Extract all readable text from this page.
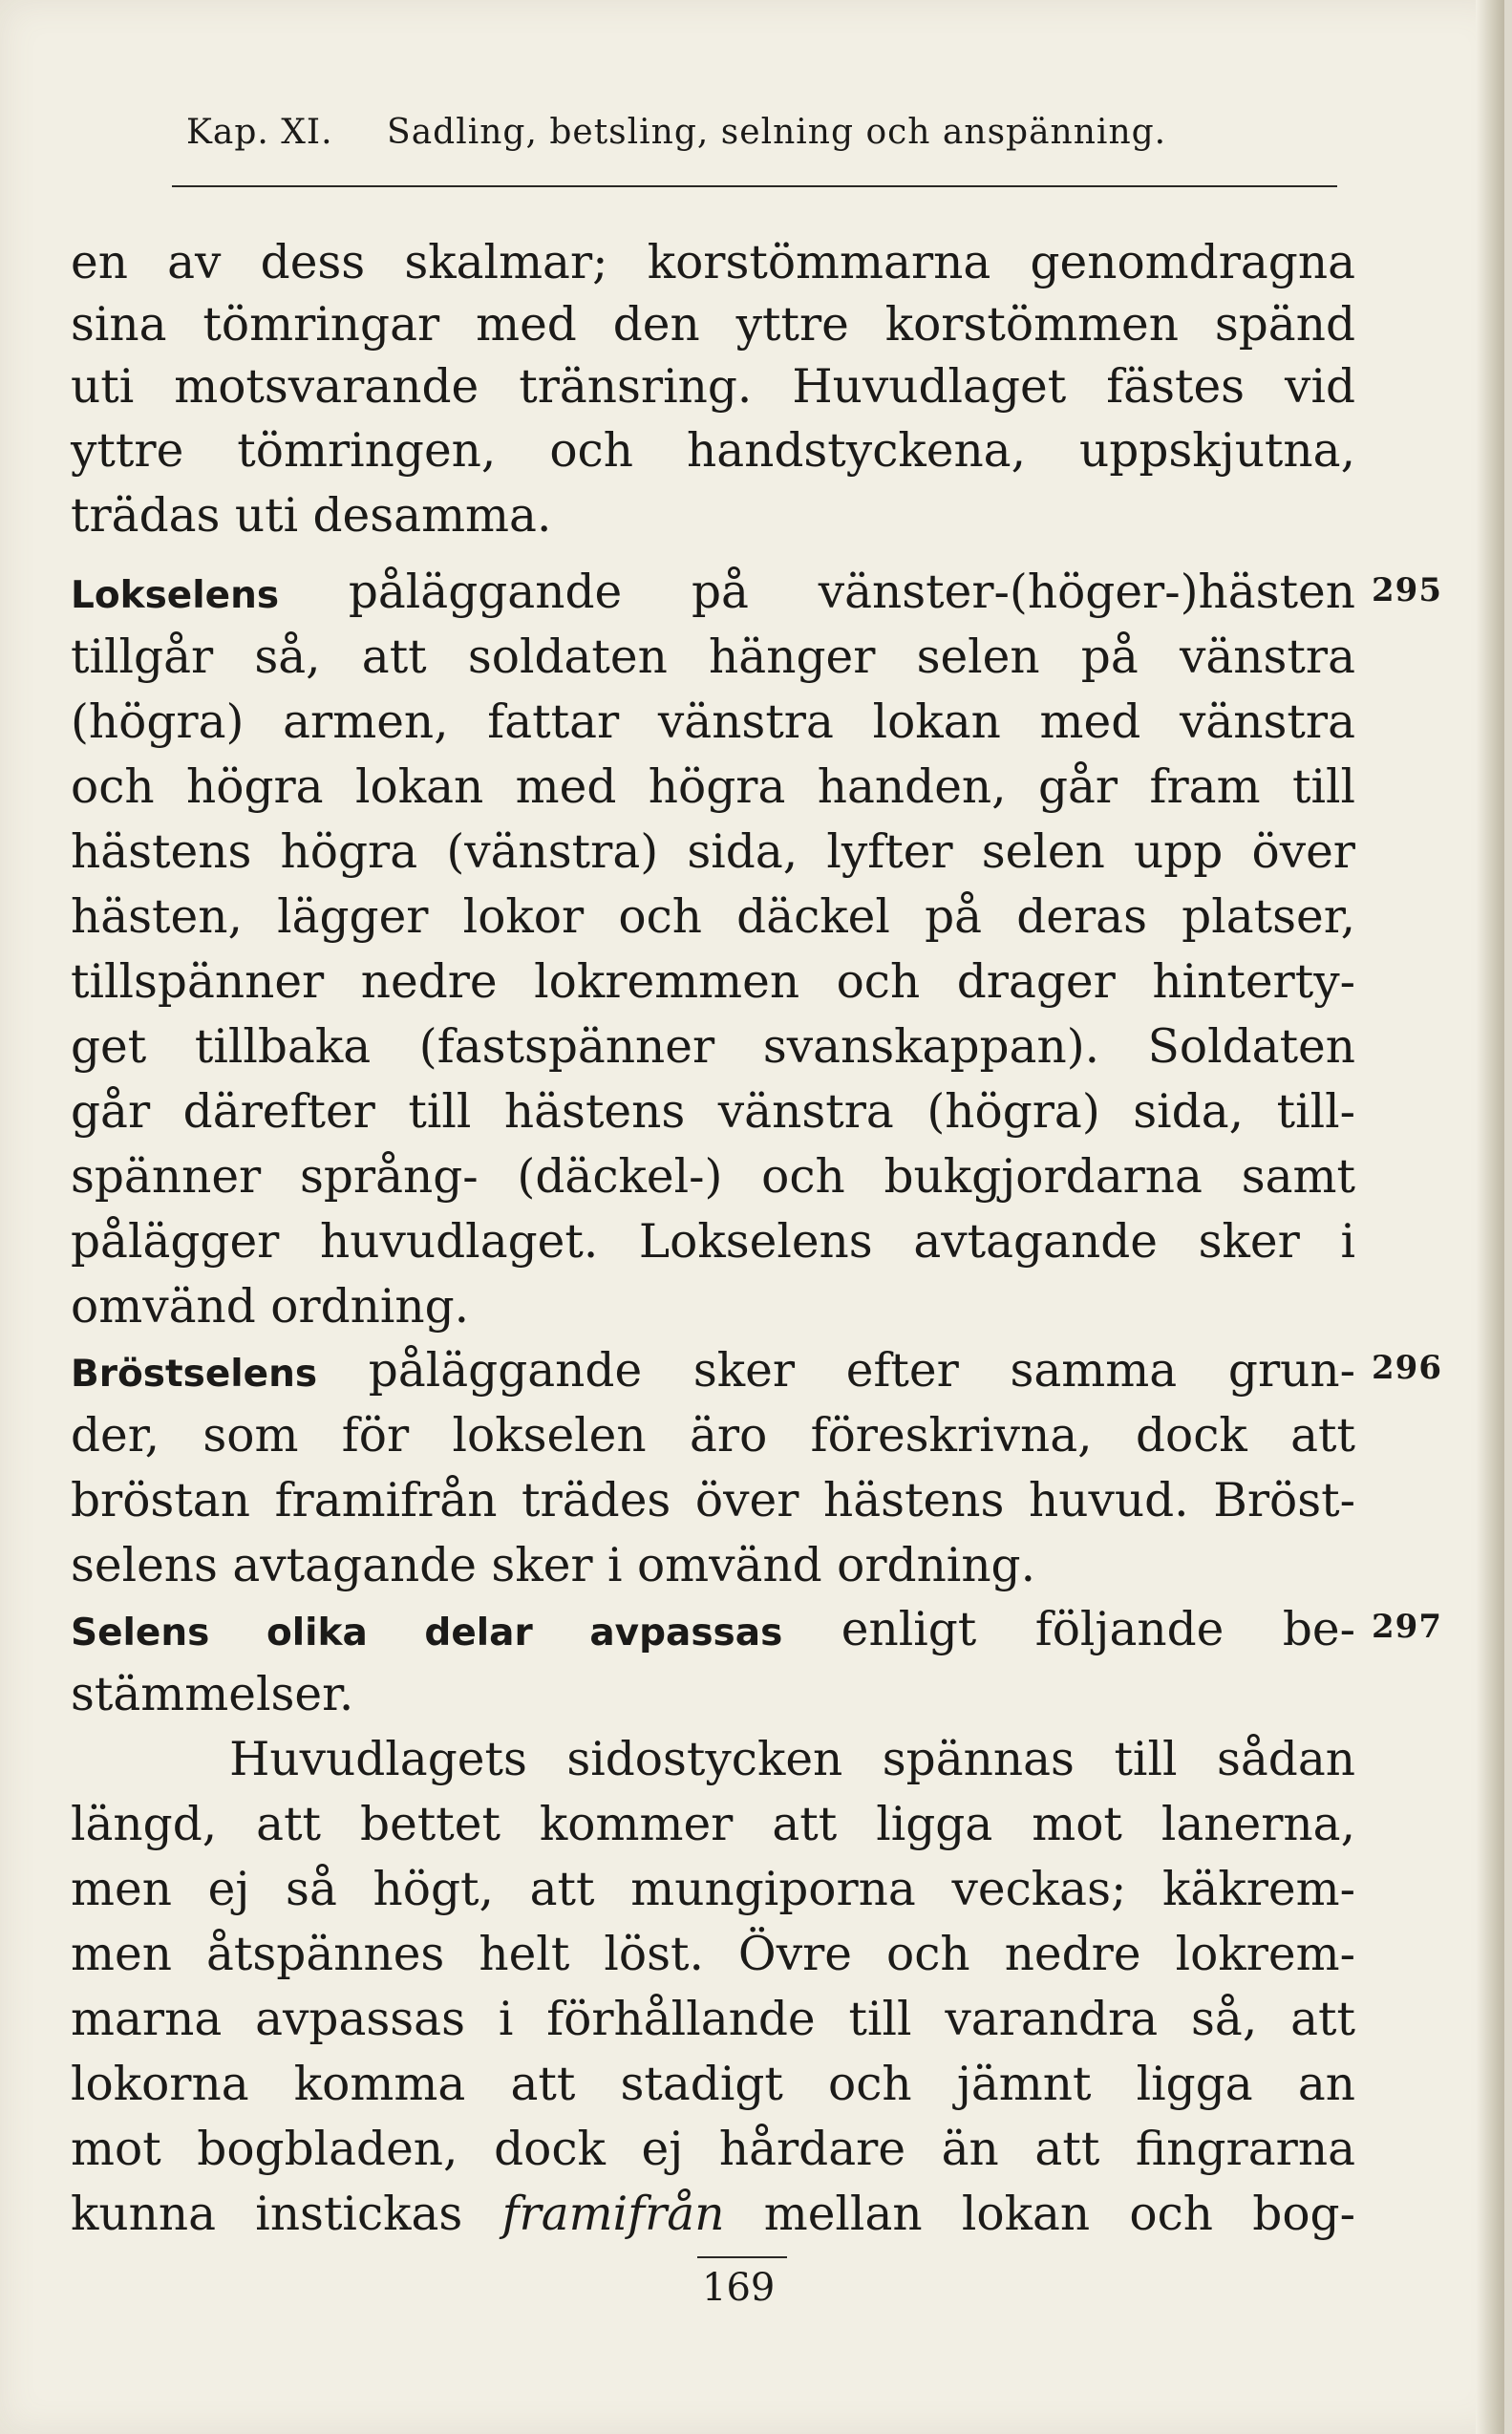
Kap. XI. Sadling, betsling, selning och anspänning.
en av dess skalmar; korstömmarna genomdragna
sina tömringar med den yttre korstömmen spänd
uti motsvarande tränsring. Huvudlaget fästes vid
yttre tömringen, och handstyckena, uppskjutna,
trädas uti desamma.
Lokselens påläggande på vänster-(höger-)hästen 295
tillgår så, att soldaten hänger selen på vänstra
(högra) armen, fattar vänstra lokan med vänstra
och högra lokan med högra handen, går fram till
hästens högra (vänstra) sida, lyfter selen upp över
hästen, lägger lokor och däckel på deras platser,
tillspänner nedre lokremmen och drager hinterty-
get tillbaka (fastspänner svanskappan). Soldaten
går därefter till hästens vänstra (högra) sida, till-
spänner språng- (däckel-) och bukgjordarna samt
pålägger huvudlaget. Lokselens avtagande sker i
omvänd ordning.
Bröstselens påläggande sker efter samma grun- 296
der, som för lokselen äro föreskrivna, dock att
bröstan framifrån trädes över hästens huvud. Bröst-
selens avtagande sker i omvänd ordning.
Selens olika delar avpassas enligt följande be- 297
stämmelser.
Huvudlagets sidostycken spännas till sådan
längd, att bettet kommer att ligga mot lanerna,
men ej så högt, att mungiporna veckas; käkrem-
men åtspännes helt löst. Övre och nedre lokrem-
marna avpassas i förhållande till varandra så, att
lokorna komma att stadigt och jämnt ligga an
mot bogbladen, dock ej hårdare än att fingrarna
kunna instickas framifrån mellan lokan och bog-
169
